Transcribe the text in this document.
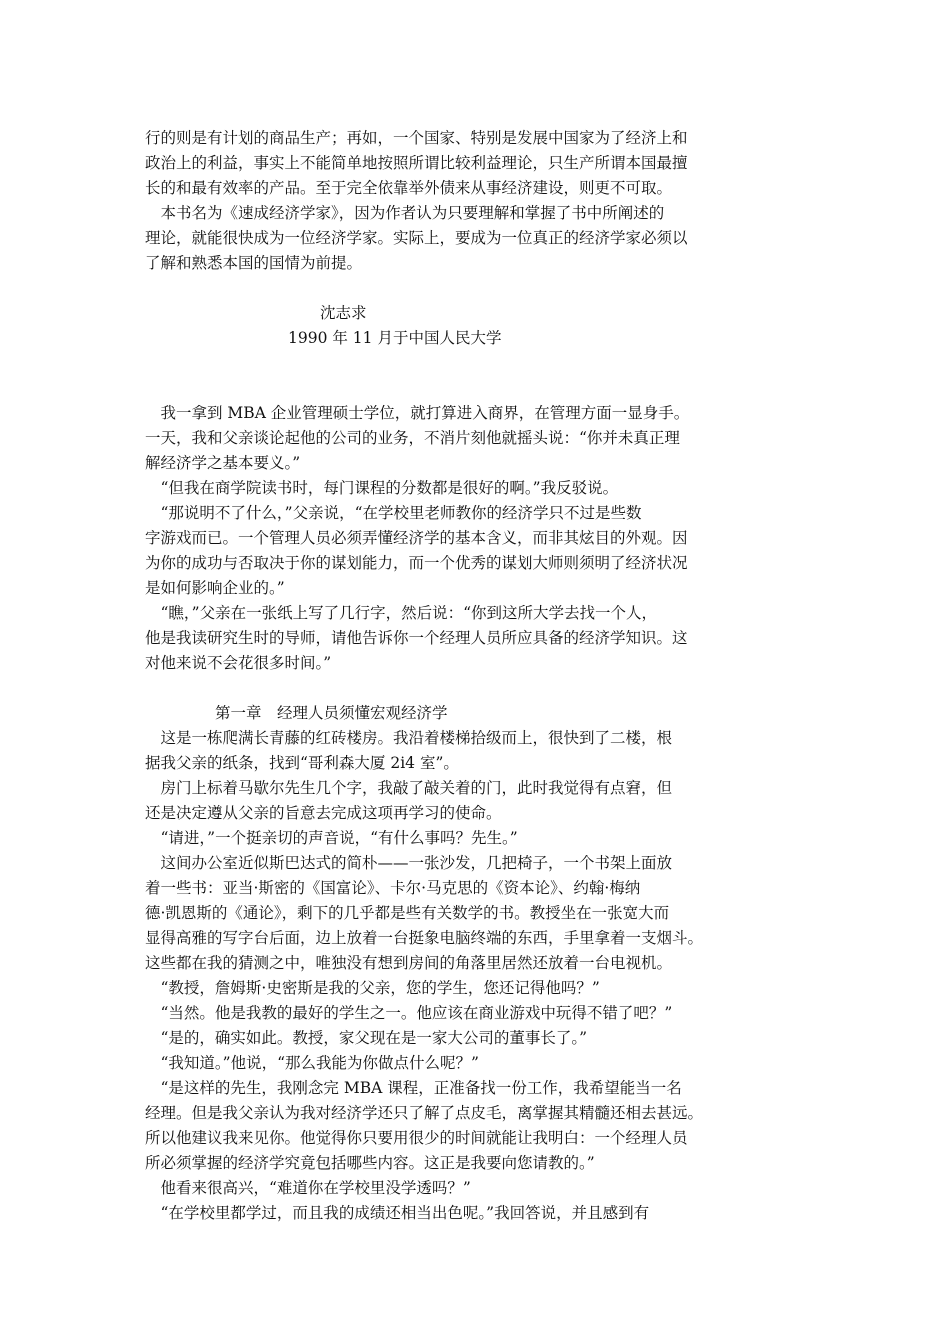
行的则是有计划的商品生产；再如，一个国家、特别是发展中国家为了经济上和
政治上的利益，事实上不能简单地按照所谓比较利益理论，只生产所谓本国最擅
长的和最有效率的产品。至于完全依靠举外债来从事经济建设，则更不可取。
　本书名为《速成经济学家》，因为作者认为只要理解和掌握了书中所阐述的
理论，就能很快成为一位经济学家。实际上，要成为一位真正的经济学家必须以
了解和熟悉本国的国情为前提。
沈志求
1990 年 11 月于中国人民大学
　我一拿到 MBA 企业管理硕士学位，就打算进入商界，在管理方面一显身手。
一天，我和父亲谈论起他的公司的业务，不消片刻他就摇头说：“你并未真正理
解经济学之基本要义。”
　“但我在商学院读书时，每门课程的分数都是很好的啊。”我反驳说。
　“那说明不了什么，”父亲说，“在学校里老师教你的经济学只不过是些数
字游戏而已。一个管理人员必须弄懂经济学的基本含义，而非其炫目的外观。因
为你的成功与否取决于你的谋划能力，而一个优秀的谋划大师则须明了经济状况
是如何影响企业的。”
　“瞧，”父亲在一张纸上写了几行字，然后说：“你到这所大学去找一个人，
他是我读研究生时的导师，请他告诉你一个经理人员所应具备的经济学知识。这
对他来说不会花很多时间。”
第一章　经理人员须懂宏观经济学
　这是一栋爬满长青藤的红砖楼房。我沿着楼梯拾级而上，很快到了二楼，根
据我父亲的纸条，找到“哥利森大厦 2i4 室”。
　房门上标着马歇尔先生几个字，我敲了敲关着的门，此时我觉得有点窘，但
还是决定遵从父亲的旨意去完成这项再学习的使命。
　“请进，”一个挺亲切的声音说，“有什么事吗？先生。”
　这间办公室近似斯巴达式的简朴——一张沙发，几把椅子，一个书架上面放
着一些书：亚当·斯密的《国富论》、卡尔·马克思的《资本论》、约翰·梅纳
德·凯恩斯的《通论》，剩下的几乎都是些有关数学的书。教授坐在一张宽大而
显得高雅的写字台后面，边上放着一台挺象电脑终端的东西，手里拿着一支烟斗。
这些都在我的猜测之中，唯独没有想到房间的角落里居然还放着一台电视机。
　“教授，詹姆斯·史密斯是我的父亲，您的学生，您还记得他吗？”
　“当然。他是我教的最好的学生之一。他应该在商业游戏中玩得不错了吧？”
　“是的，确实如此。教授，家父现在是一家大公司的董事长了。”
　“我知道。”他说，“那么我能为你做点什么呢？”
　“是这样的先生，我刚念完 MBA 课程，正准备找一份工作，我希望能当一名
经理。但是我父亲认为我对经济学还只了解了点皮毛，离掌握其精髓还相去甚远。
所以他建议我来见你。他觉得你只要用很少的时间就能让我明白：一个经理人员
所必须掌握的经济学究竟包括哪些内容。这正是我要向您请教的。”
　他看来很高兴，“难道你在学校里没学透吗？”
　“在学校里都学过，而且我的成绩还相当出色呢。”我回答说，并且感到有
